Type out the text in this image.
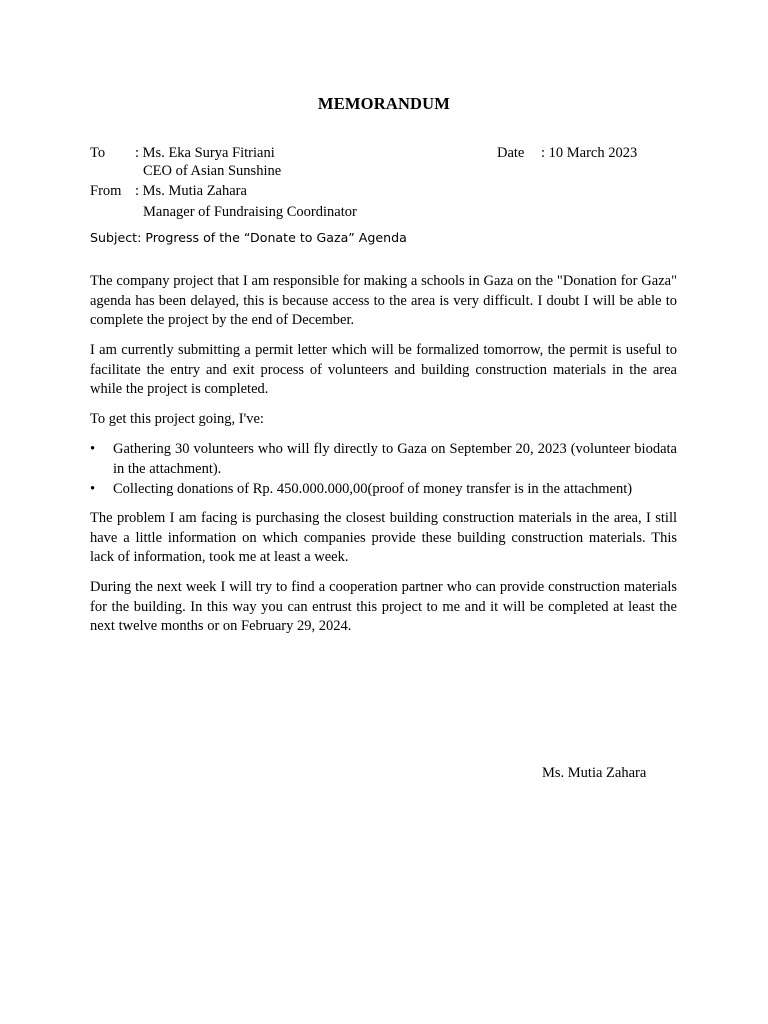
MEMORANDUM
To : Ms. Eka Surya Fitriani
CEO of Asian Sunshine
Date : 10 March 2023
From : Ms. Mutia Zahara
Manager of Fundraising Coordinator
Subject: Progress of the “Donate to Gaza” Agenda

The company project that I am responsible for making a schools in Gaza on the "Donation for Gaza" agenda has been delayed, this is because access to the area is very difficult. I doubt I will be able to complete the project by the end of December.

I am currently submitting a permit letter which will be formalized tomorrow, the permit is useful to facilitate the entry and exit process of volunteers and building construction materials in the area while the project is completed.

To get this project going, I've:

• Gathering 30 volunteers who will fly directly to Gaza on September 20, 2023 (volunteer biodata in the attachment).
• Collecting donations of Rp. 450.000.000,00(proof of money transfer is in the attachment)

The problem I am facing is purchasing the closest building construction materials in the area, I still have a little information on which companies provide these building construction materials. This lack of information, took me at least a week.

During the next week I will try to find a cooperation partner who can provide construction materials for the building. In this way you can entrust this project to me and it will be completed at least the next twelve months or on February 29, 2024.

Ms. Mutia Zahara
